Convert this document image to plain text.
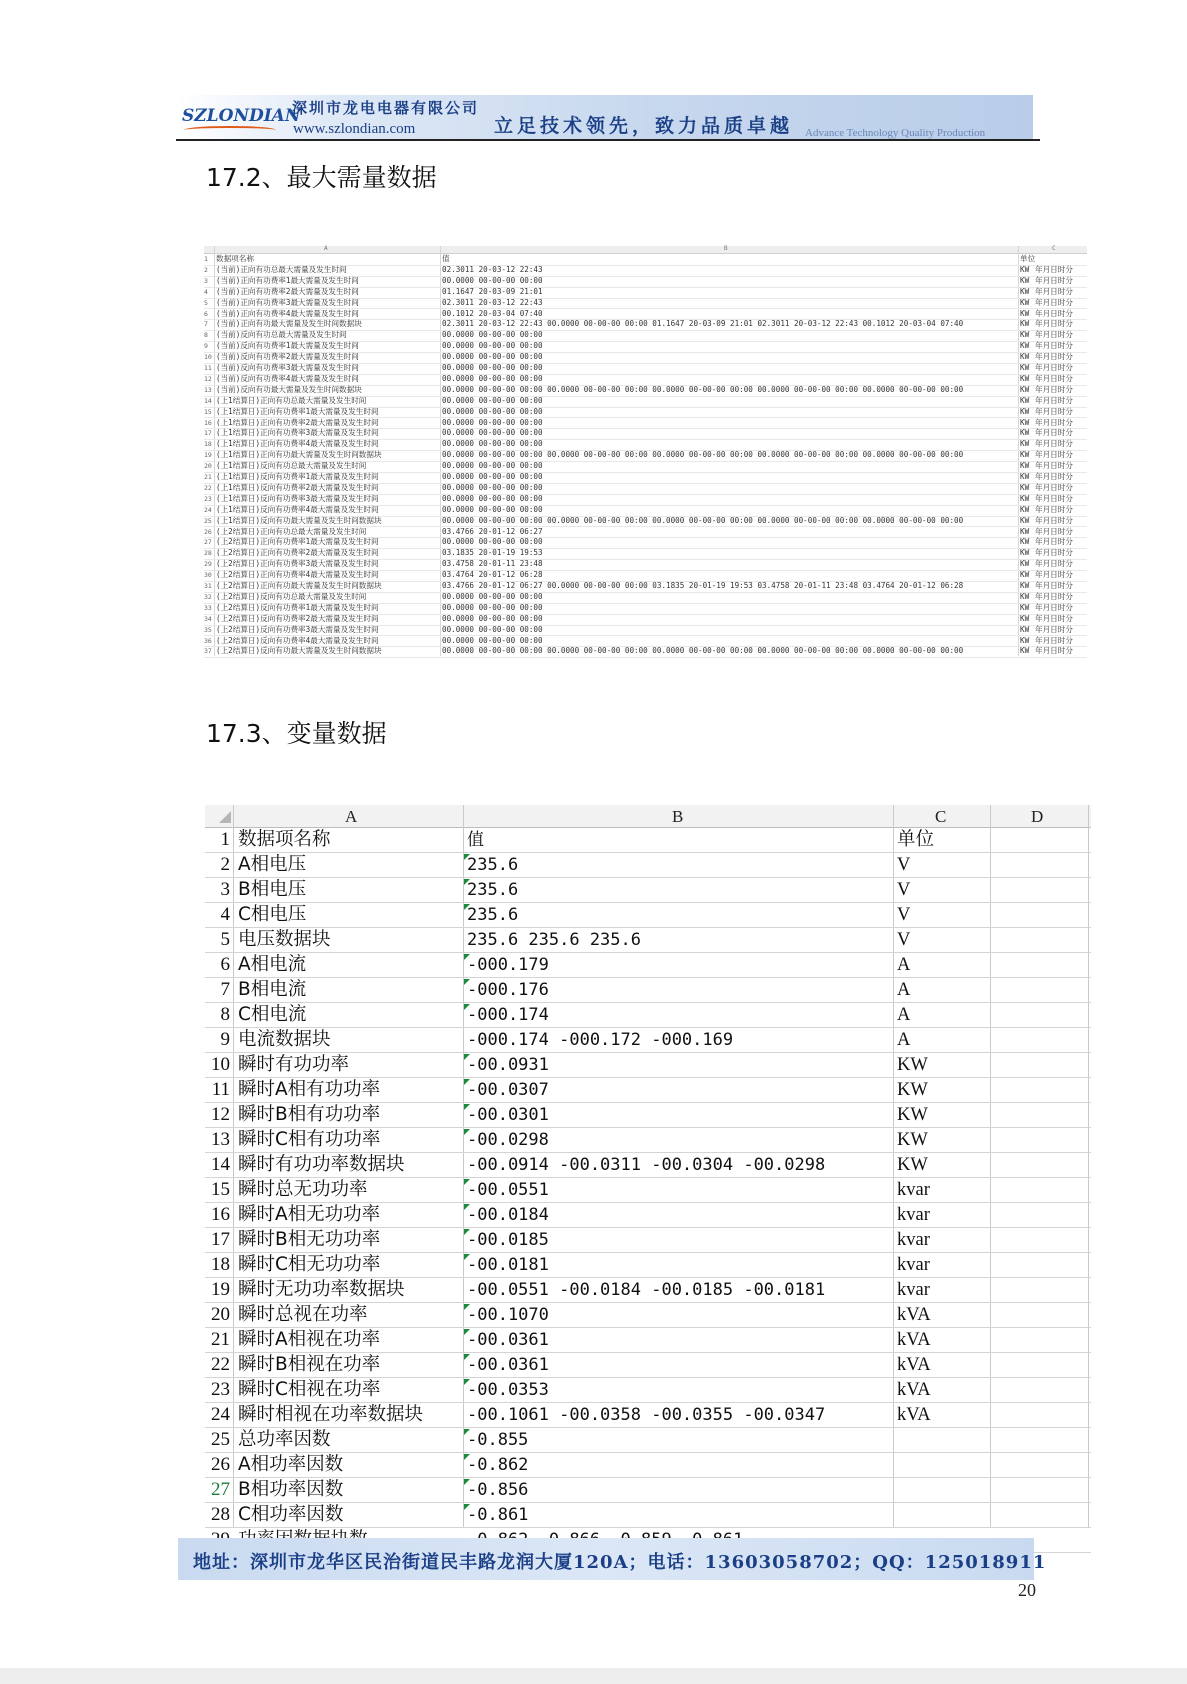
SZLONDIAN
深圳市龙电电器有限公司
www.szlondian.com	立足技术领先，致力品质卓越 Advance Technology Quality Production
17.2、最大需量数据
A	B	C
1	数据项名称	值	单位
2	(当前)正向有功总最大需量及发生时间	02.3011 20-03-12 22:43	KW 年月日时分
3	(当前)正向有功费率1最大需量及发生时间	00.0000 00-00-00 00:00	KW 年月日时分
4	(当前)正向有功费率2最大需量及发生时间	01.1647 20-03-09 21:01	KW 年月日时分
5	(当前)正向有功费率3最大需量及发生时间	02.3011 20-03-12 22:43	KW 年月日时分
6	(当前)正向有功费率4最大需量及发生时间	00.1012 20-03-04 07:40	KW 年月日时分
7	(当前)正向有功最大需量及发生时间数据块	02.3011 20-03-12 22:43 00.0000 00-00-00 00:00 01.1647 20-03-09 21:01 02.3011 20-03-12 22:43 00.1012 20-03-04 07:40	KW 年月日时分
8	(当前)反向有功总最大需量及发生时间	00.0000 00-00-00 00:00	KW 年月日时分
9	(当前)反向有功费率1最大需量及发生时间	00.0000 00-00-00 00:00	KW 年月日时分
10 (当前)反向有功费率2最大需量及发生时间	00.0000 00-00-00 00:00	KW 年月日时分
11 (当前)反向有功费率3最大需量及发生时间	00.0000 00-00-00 00:00	KW 年月日时分
12 (当前)反向有功费率4最大需量及发生时间	00.0000 00-00-00 00:00	KW 年月日时分
13 (当前)反向有功最大需量及发生时间数据块	00.0000 00-00-00 00:00 00.0000 00-00-00 00:00 00.0000 00-00-00 00:00 00.0000 00-00-00 00:00 00.0000 00-00-00 00:00	KW 年月日时分
14 (上1结算日)正向有功总最大需量及发生时间	00.0000 00-00-00 00:00	KW 年月日时分
15 (上1结算日)正向有功费率1最大需量及发生时间	00.0000 00-00-00 00:00	KW 年月日时分
16 (上1结算日)正向有功费率2最大需量及发生时间	00.0000 00-00-00 00:00	KW 年月日时分
17 (上1结算日)正向有功费率3最大需量及发生时间	00.0000 00-00-00 00:00	KW 年月日时分
18 (上1结算日)正向有功费率4最大需量及发生时间	00.0000 00-00-00 00:00	KW 年月日时分
19 (上1结算日)正向有功最大需量及发生时间数据块	00.0000 00-00-00 00:00 00.0000 00-00-00 00:00 00.0000 00-00-00 00:00 00.0000 00-00-00 00:00 00.0000 00-00-00 00:00	KW 年月日时分
20 (上1结算日)反向有功总最大需量及发生时间	00.0000 00-00-00 00:00	KW 年月日时分
21 (上1结算日)反向有功费率1最大需量及发生时间	00.0000 00-00-00 00:00	KW 年月日时分
22 (上1结算日)反向有功费率2最大需量及发生时间	00.0000 00-00-00 00:00	KW 年月日时分
23 (上1结算日)反向有功费率3最大需量及发生时间	00.0000 00-00-00 00:00	KW 年月日时分
24 (上1结算日)反向有功费率4最大需量及发生时间	00.0000 00-00-00 00:00	KW 年月日时分
25 (上1结算日)反向有功最大需量及发生时间数据块	00.0000 00-00-00 00:00 00.0000 00-00-00 00:00 00.0000 00-00-00 00:00 00.0000 00-00-00 00:00 00.0000 00-00-00 00:00	KW 年月日时分
26 (上2结算日)正向有功总最大需量及发生时间	03.4766 20-01-12 06:27	KW 年月日时分
27 (上2结算日)正向有功费率1最大需量及发生时间	00.0000 00-00-00 00:00	KW 年月日时分
28 (上2结算日)正向有功费率2最大需量及发生时间	03.1835 20-01-19 19:53	KW 年月日时分
29 (上2结算日)正向有功费率3最大需量及发生时间	03.4758 20-01-11 23:48	KW 年月日时分
30 (上2结算日)正向有功费率4最大需量及发生时间	03.4764 20-01-12 06:28	KW 年月日时分
31 (上2结算日)正向有功最大需量及发生时间数据块	03.4766 20-01-12 06:27 00.0000 00-00-00 00:00 03.1835 20-01-19 19:53 03.4758 20-01-11 23:48 03.4764 20-01-12 06:28	KW 年月日时分
32 (上2结算日)反向有功总最大需量及发生时间	00.0000 00-00-00 00:00	KW 年月日时分
33 (上2结算日)反向有功费率1最大需量及发生时间	00.0000 00-00-00 00:00	KW 年月日时分
34 (上2结算日)反向有功费率2最大需量及发生时间	00.0000 00-00-00 00:00	KW 年月日时分
35 (上2结算日)反向有功费率3最大需量及发生时间	00.0000 00-00-00 00:00	KW 年月日时分
36 (上2结算日)反向有功费率4最大需量及发生时间	00.0000 00-00-00 00:00	KW 年月日时分
37 (上2结算日)反向有功最大需量及发生时间数据块	00.0000 00-00-00 00:00 00.0000 00-00-00 00:00 00.0000 00-00-00 00:00 00.0000 00-00-00 00:00 00.0000 00-00-00 00:00	KW 年月日时分
17.3、变量数据
A	B	C	D
1 数据项名称	值	单位
2 A相电压	235.6	V
3 B相电压	235.6	V
4 C相电压	235.6	V
5 电压数据块	235.6 235.6 235.6	V
6 A相电流	-000.179	A
7 B相电流	-000.176	A
8 C相电流	-000.174	A
9 电流数据块	-000.174 -000.172 -000.169	A
10 瞬时有功功率	-00.0931	KW
11 瞬时A相有功功率	-00.0307	KW
12 瞬时B相有功功率	-00.0301	KW
13 瞬时C相有功功率	-00.0298	KW
14 瞬时有功功率数据块	-00.0914 -00.0311 -00.0304 -00.0298	KW
15 瞬时总无功功率	-00.0551	kvar
16 瞬时A相无功功率	-00.0184	kvar
17 瞬时B相无功功率	-00.0185	kvar
18 瞬时C相无功功率	-00.0181	kvar
19 瞬时无功功率数据块	-00.0551 -00.0184 -00.0185 -00.0181	kvar
20 瞬时总视在功率	-00.1070	kVA
21 瞬时A相视在功率	-00.0361	kVA
22 瞬时B相视在功率	-00.0361	kVA
23 瞬时C相视在功率	-00.0353	kVA
24 瞬时相视在功率数据块	-00.1061 -00.0358 -00.0355 -00.0347	kVA
25 总功率因数	-0.855
26 A相功率因数	-0.862
27 B相功率因数	-0.856
28 C相功率因数	-0.861
地址：深圳市龙华区民治街道民丰路龙润大厦120A；电话：13603058702；QQ：125018911
20
